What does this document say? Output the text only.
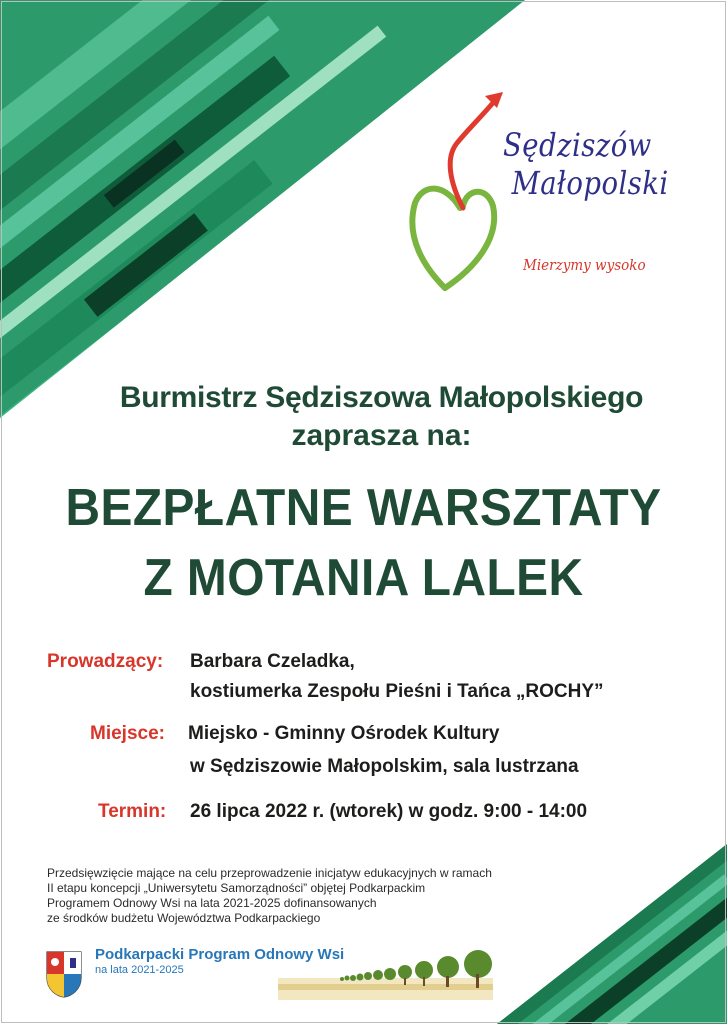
Sędziszów
Małopolski

Mierzymy wysoko

Burmistrz Sędziszowa Małopolskiego
zaprasza na:
BEZPŁATNE WARSZTATY
Z MOTANIA LALEK

Prowadzący: Barbara Czeladka,

kostiumerka Zespołu Pieśni i Tańca „ROCHY”

Miejsce: Miejsko - Gminny Ośrodek Kultury

w Sędziszowie Małopolskim, sala lustrzana

Termin: 26 lipca 2022 r. (wtorek) w godz. 9:00 - 14:00

Przedsięwzięcie mające na celu przeprowadzenie inicjatyw edukacyjnych w ramach
II etapu koncepcji „Uniwersytetu Samorządności” objętej Podkarpackim
Programem Odnowy Wsi na lata 2021-2025 dofinansowanych
ze środków budżetu Województwa Podkarpackiego

Podkarpacki Program Odnowy Wsi

na lata 2021-2025
